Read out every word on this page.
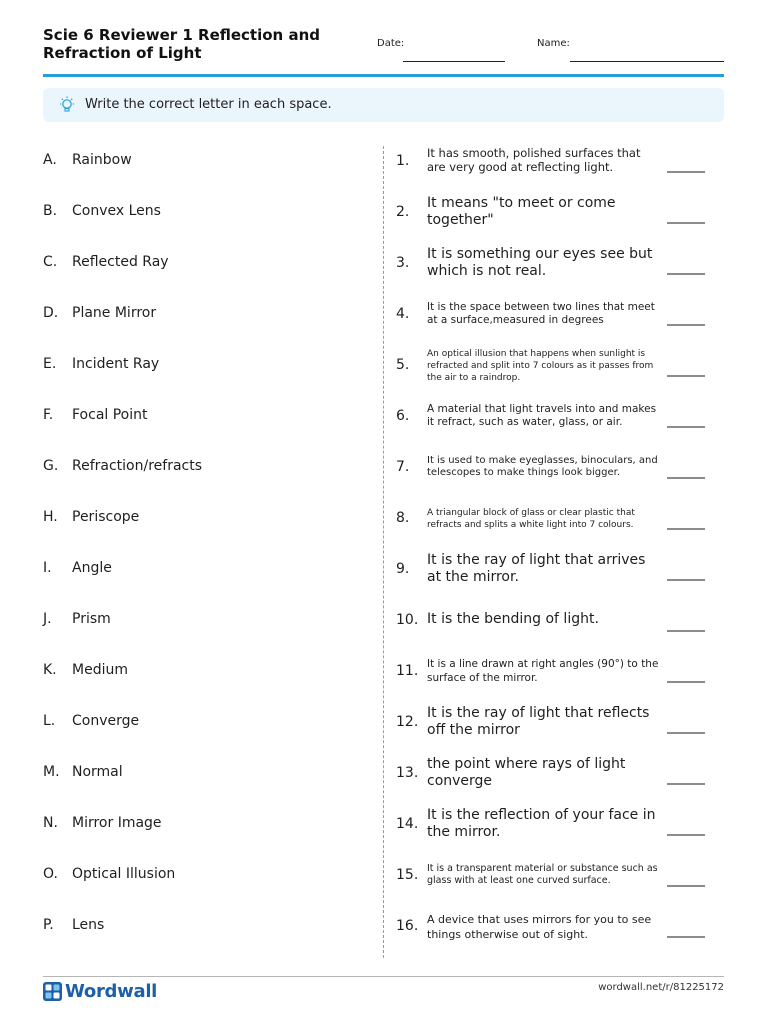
Scie 6 Reviewer 1 Reflection and Refraction of Light
Date:	Name:
Write the correct letter in each space.
A.	Rainbow
B.	Convex Lens
C.	Reflected Ray
D. Plane Mirror
E.	Incident Ray
F.	Focal Point
G. Refraction/refracts
H.	Periscope
I.	Angle
J.	Prism
K.	Medium
L.	Converge
M. Normal
N.	Mirror Image
O.	Optical Illusion
P.	Lens
1.	It has smooth, polished surfaces that are very good at reflecting light.
2.
It means "to meet or come together"
3.
It is something our eyes see but which is not real.
4.	It is the space between two lines that meet at a surface,measured in degrees
5.
An optical illusion that happens when sunlight is refracted and split into 7 colours as it passes from the air to a raindrop.
6.	A material that light travels into and makes it refract, such as water, glass, or air.
7.	It is used to make eyeglasses, binoculars, and telescopes to make things look bigger.
8.	A triangular block of glass or clear plastic that refracts and splits a white light into 7 colours.
9.
It is the ray of light that arrives at the mirror.
10. It is the bending of light.
11. It is a line drawn at right angles (90°) to the surface of the mirror.
12.
It is the ray of light that reflects off the mirror
13.
the point where rays of light converge
14.
It is the reflection of your face in the mirror.
15. It is a transparent material or substance such as glass with at least one curved surface.
16. A device that uses mirrors for you to see things otherwise out of sight.
Wordwall	wordwall.net/r/81225172
